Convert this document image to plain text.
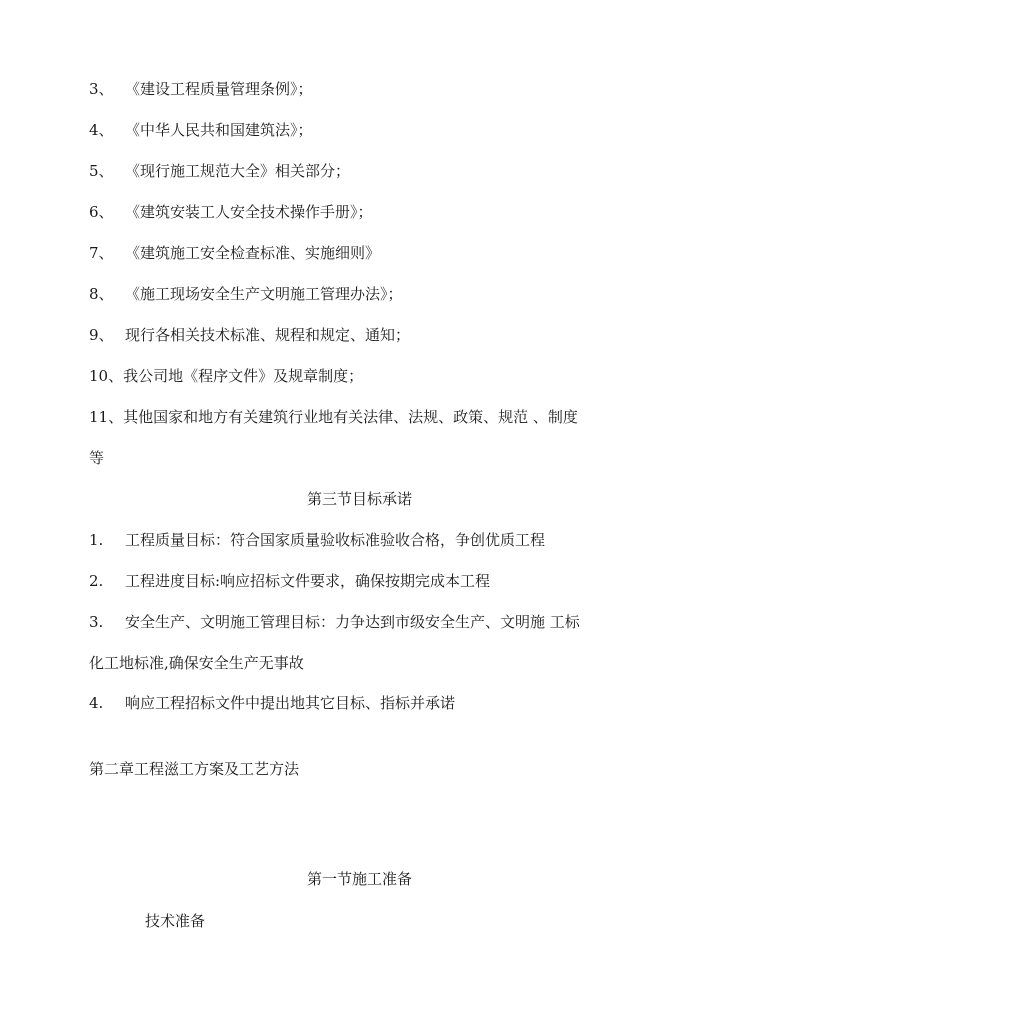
3、 《建设工程质量管理条例》；
4、 《中华人民共和国建筑法》；
5、 《现行施工规范大全》相关部分；
6、 《建筑安装工人安全技术操作手册》；
7、 《建筑施工安全检查标准、实施细则》
8、 《施工现场安全生产文明施工管理办法》；
9、 现行各相关技术标准、规程和规定、通知；
10、我公司地《程序文件》及规章制度；
11、其他国家和地方有关建筑行业地有关法律、法规、政策、规范 、制度
等
第三节目标承诺
1. 工程质量目标：符合国家质量验收标准验收合格，争创优质工程
2. 工程进度目标:响应招标文件要求，确保按期完成本工程
3. 安全生产、文明施工管理目标：力争达到市级安全生产、文明施 工标
化工地标准,确保安全生产无事故
4. 响应工程招标文件中提出地其它目标、指标并承诺
第二章工程滋工方案及工艺方法
第一节施工准备
技术准备
